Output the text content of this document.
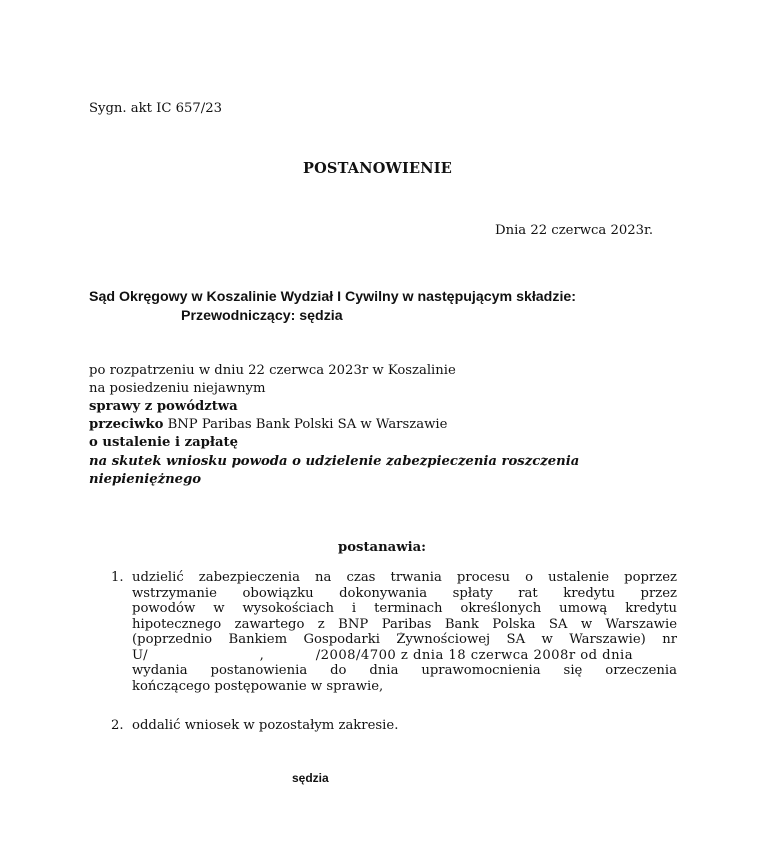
Sygn. akt IC 657/23
POSTANOWIENIE
Dnia 22 czerwca 2023r.
Sąd Okręgowy w Koszalinie Wydział I Cywilny w następującym składzie:
Przewodniczący: sędzia
po rozpatrzeniu w dniu 22 czerwca 2023r w Koszalinie
na posiedzeniu niejawnym
sprawy z powództwa
przeciwko BNP Paribas Bank Polski SA w Warszawie
o ustalenie i zapłatę
na skutek wniosku powoda o udzielenie zabezpieczenia roszczenia
niepieniężnego
postanawia:
1. udzielić zabezpieczenia na czas trwania procesu o ustalenie poprzez
wstrzymanie obowiązku dokonywania spłaty rat kredytu przez
powodów w wysokościach i terminach określonych umową kredytu
hipotecznego zawartego z BNP Paribas Bank Polska SA w Warszawie
(poprzednio Bankiem Gospodarki Żywnościowej SA w Warszawie) nr
U/	,	/2008/4700 z dnia 18 czerwca 2008r od dnia
wydania postanowienia do dnia uprawomocnienia się orzeczenia
kończącego postępowanie w sprawie,
2. oddalić wniosek w pozostałym zakresie.
sędzia
